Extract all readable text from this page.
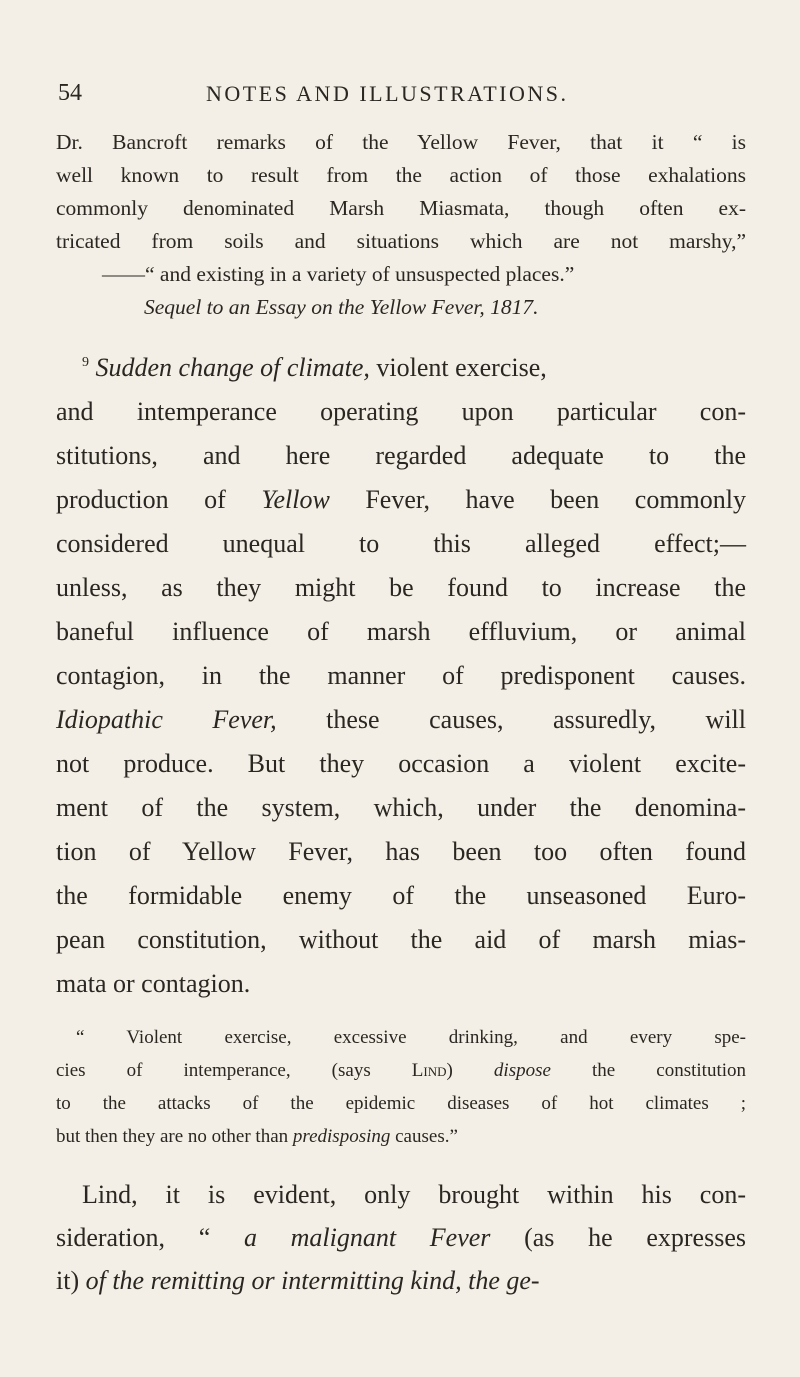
54	NOTES AND ILLUSTRATIONS.
Dr. Bancroft remarks of the Yellow Fever, that it “ is
well known to result from the action of those exhalations
commonly denominated Marsh Miasmata, though often ex-
tricated from soils and situations which are not marshy,”
——“ and existing in a variety of unsuspected places.”
Sequel to an Essay on the Yellow Fever, 1817.
$^9$ Sudden change of climate, violent exercise,
and intemperance operating upon particular con-
stitutions, and here regarded adequate to the
production of Yellow Fever, have been commonly
considered unequal to this alleged effect;—
unless, as they might be found to increase the
baneful influence of marsh effluvium, or animal
contagion, in the manner of predisponent causes.
Idiopathic Fever, these causes, assuredly, will
not produce. But they occasion a violent excite-
ment of the system, which, under the denomina-
tion of Yellow Fever, has been too often found
the formidable enemy of the unseasoned Euro-
pean constitution, without the aid of marsh mias-
mata or contagion.
“ Violent exercise, excessive drinking, and every spe-
cies of intemperance, (says Lind) dispose the constitution
to the attacks of the epidemic diseases of hot climates ;
but then they are no other than predisposing causes.”
Lind, it is evident, only brought within his con-
sideration, “ a malignant Fever (as he expresses
it) of the remitting or intermitting kind, the ge-
